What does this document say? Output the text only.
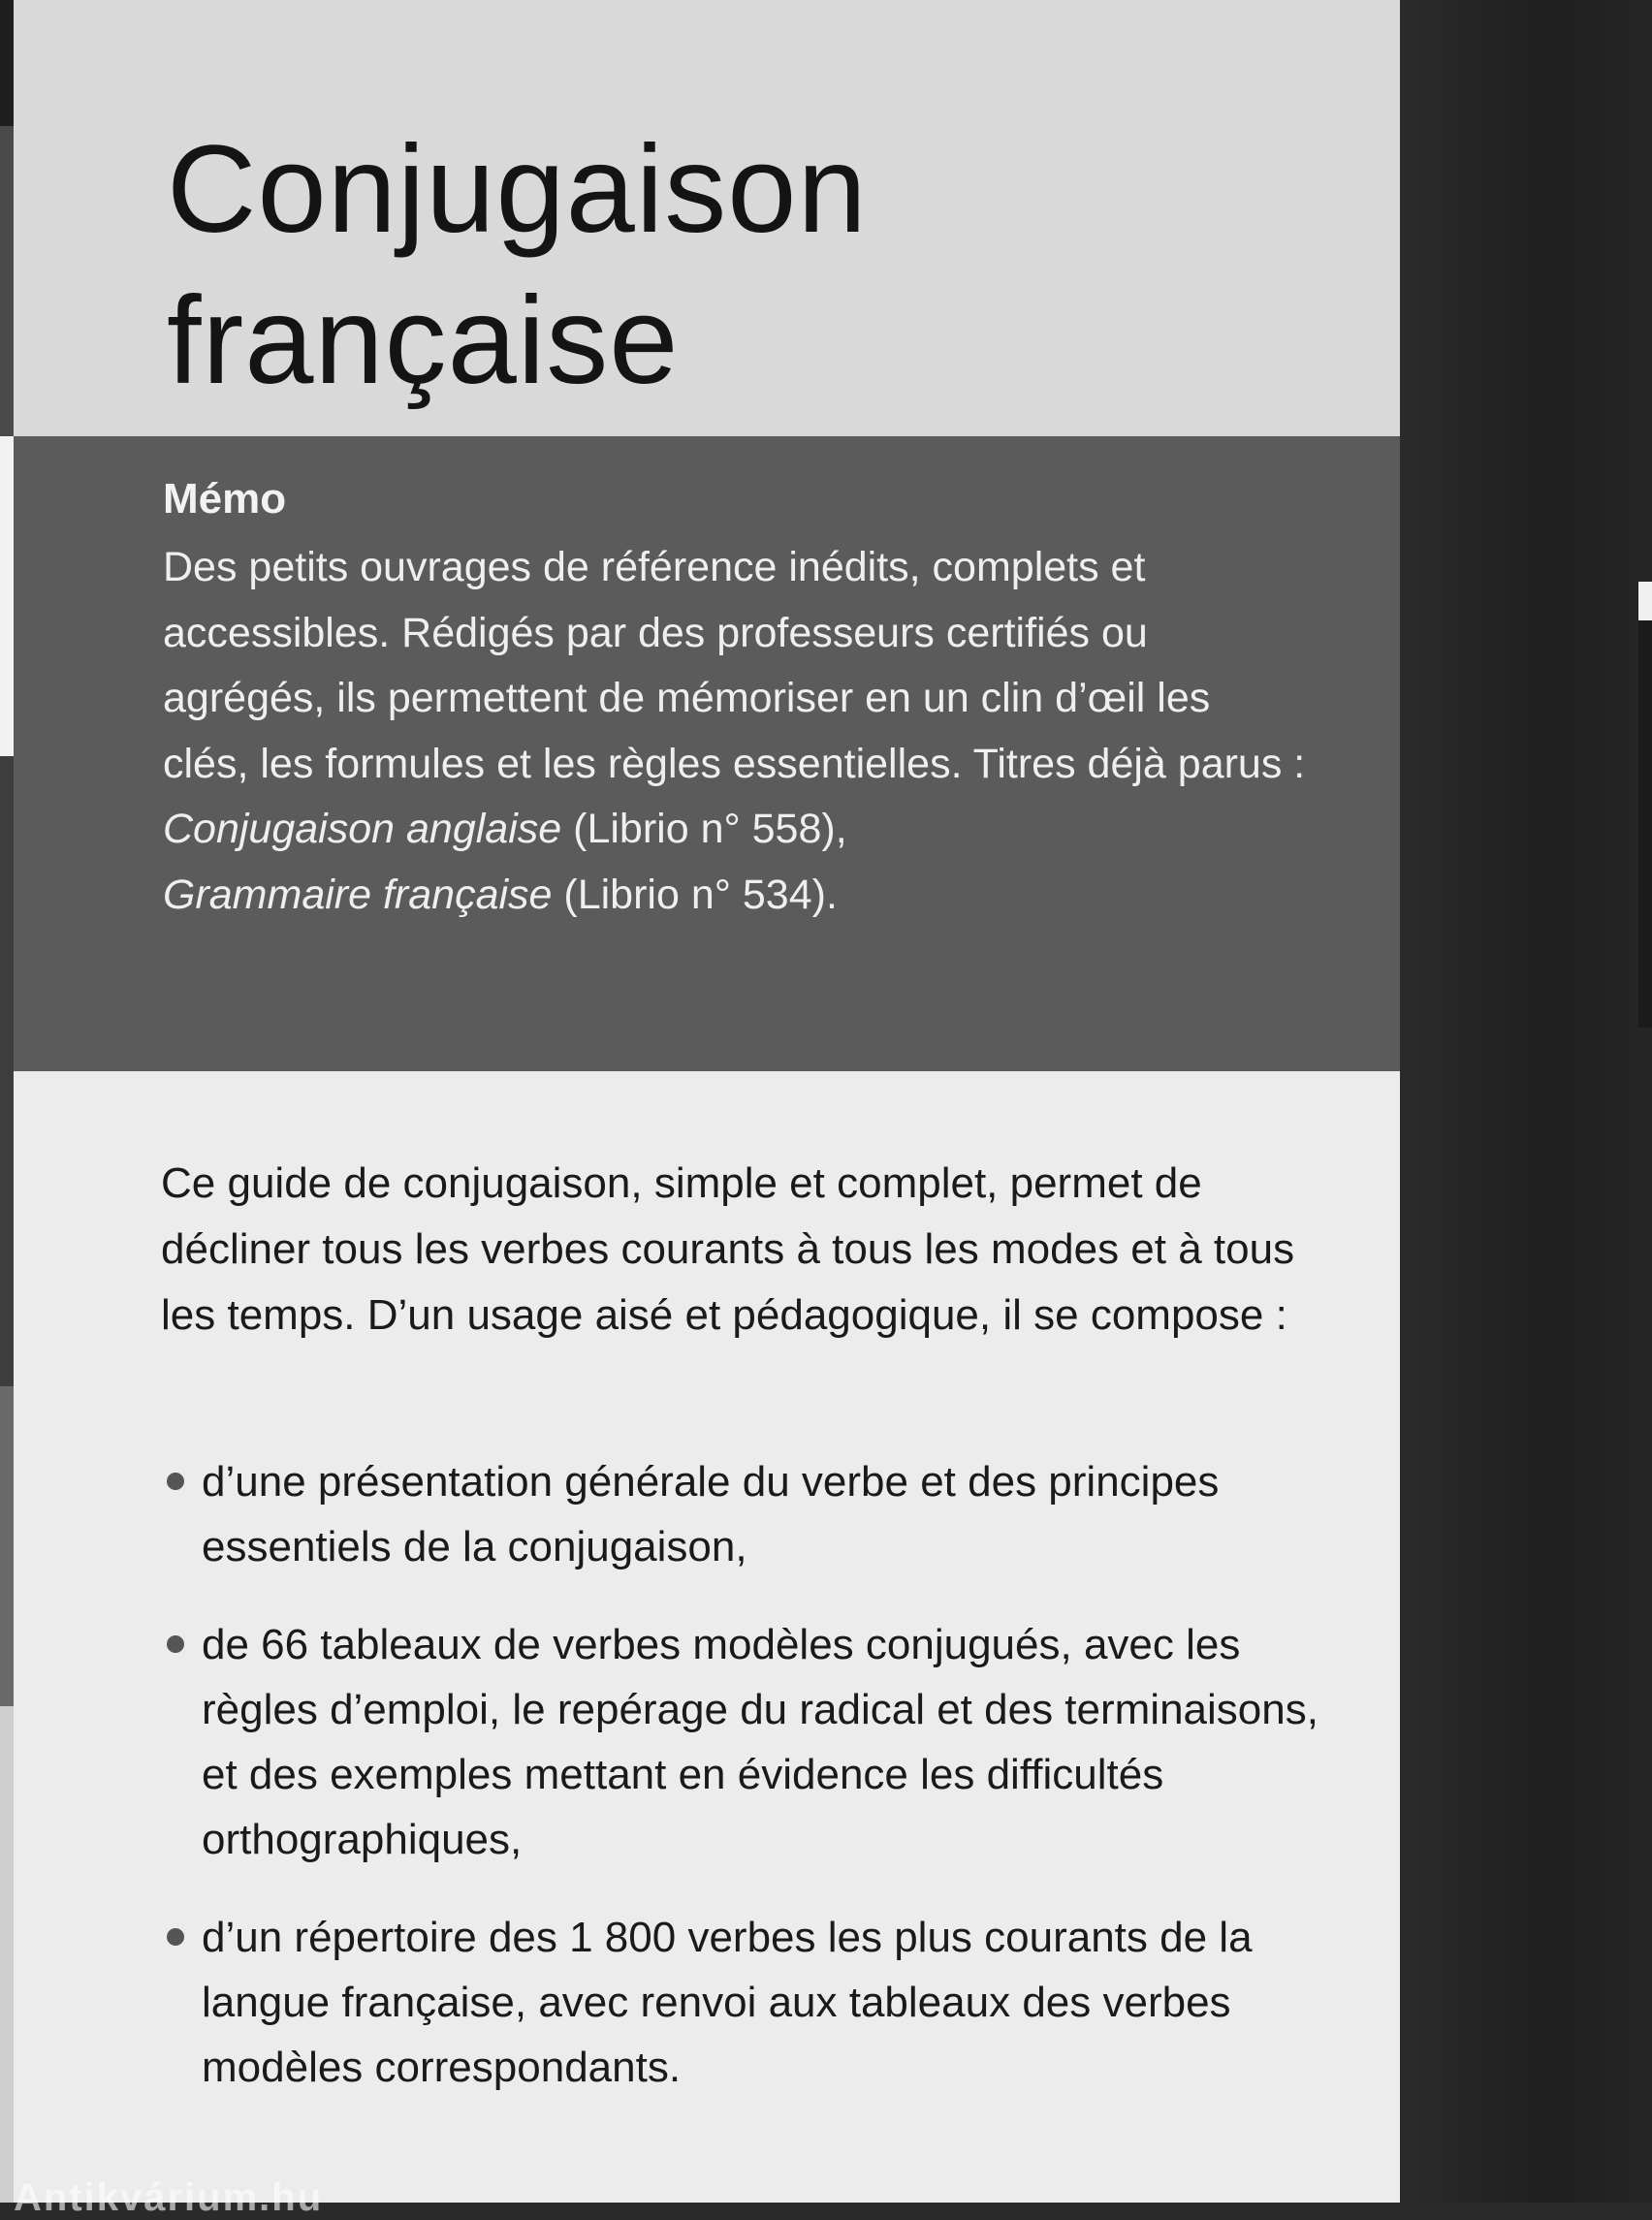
Conjugaison
française

Mémo

Des petits ouvrages de référence inédits, complets et accessibles. Rédigés par des professeurs certifiés ou agrégés, ils permettent de mémoriser en un clin d’œil les clés, les formules et les règles essentielles. Titres déjà parus : Conjugaison anglaise (Librio n° 558),
Grammaire française (Librio n° 534).

Ce guide de conjugaison, simple et complet, permet de décliner tous les verbes courants à tous les modes et à tous les temps. D’un usage aisé et pédagogique, il se compose :

d’une présentation générale du verbe et des principes essentiels de la conjugaison,
de 66 tableaux de verbes modèles conjugués, avec les règles d’emploi, le repérage du radical et des terminaisons, et des exemples mettant en évidence les difficultés orthographiques,
d’un répertoire des 1 800 verbes les plus courants de la langue française, avec renvoi aux tableaux des verbes modèles correspondants.
Antikvárium.hu
